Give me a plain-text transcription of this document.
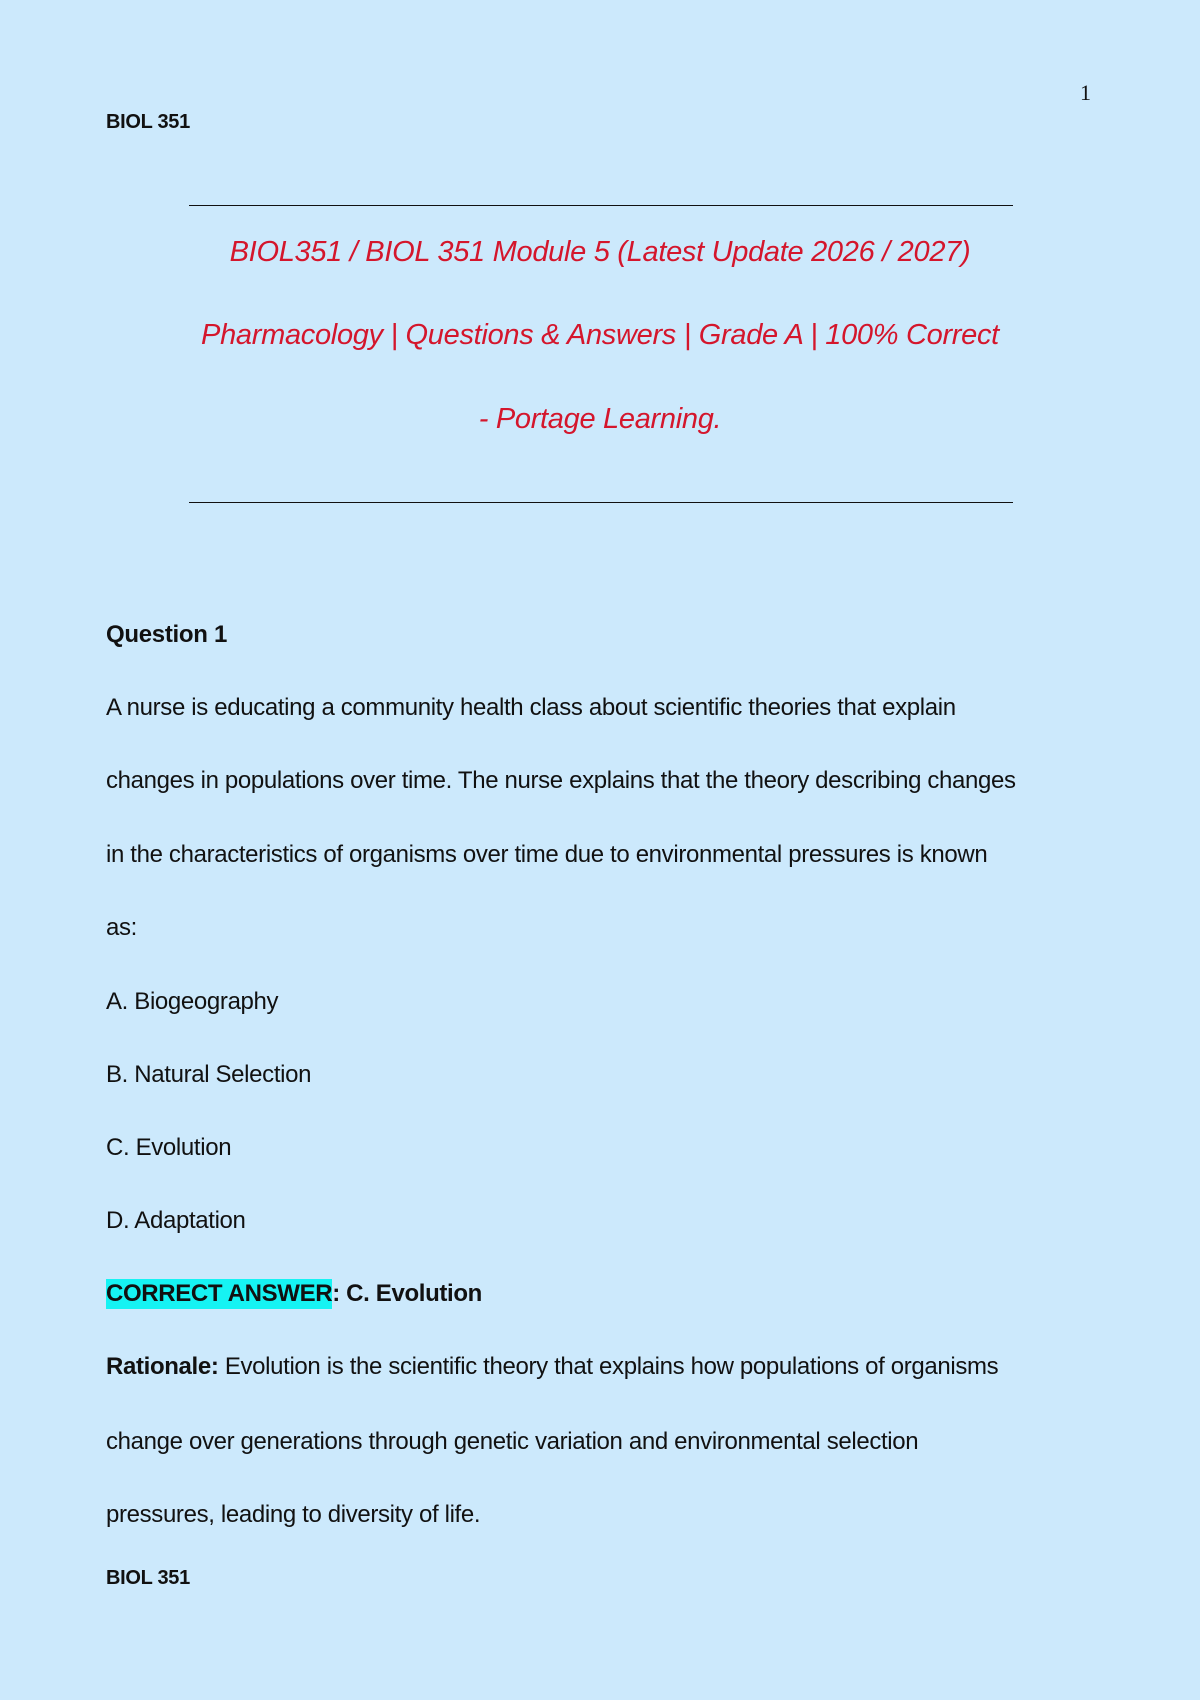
1
BIOL 351
BIOL351 / BIOL 351 Module 5 (Latest Update 2026 / 2027)
Pharmacology | Questions & Answers | Grade A | 100% Correct
- Portage Learning.
Question 1
A nurse is educating a community health class about scientific theories that explain
changes in populations over time. The nurse explains that the theory describing changes
in the characteristics of organisms over time due to environmental pressures is known
as:
A. Biogeography
B. Natural Selection
C. Evolution
D. Adaptation
CORRECT ANSWER: C. Evolution
Rationale: Evolution is the scientific theory that explains how populations of organisms
change over generations through genetic variation and environmental selection
pressures, leading to diversity of life.
BIOL 351
